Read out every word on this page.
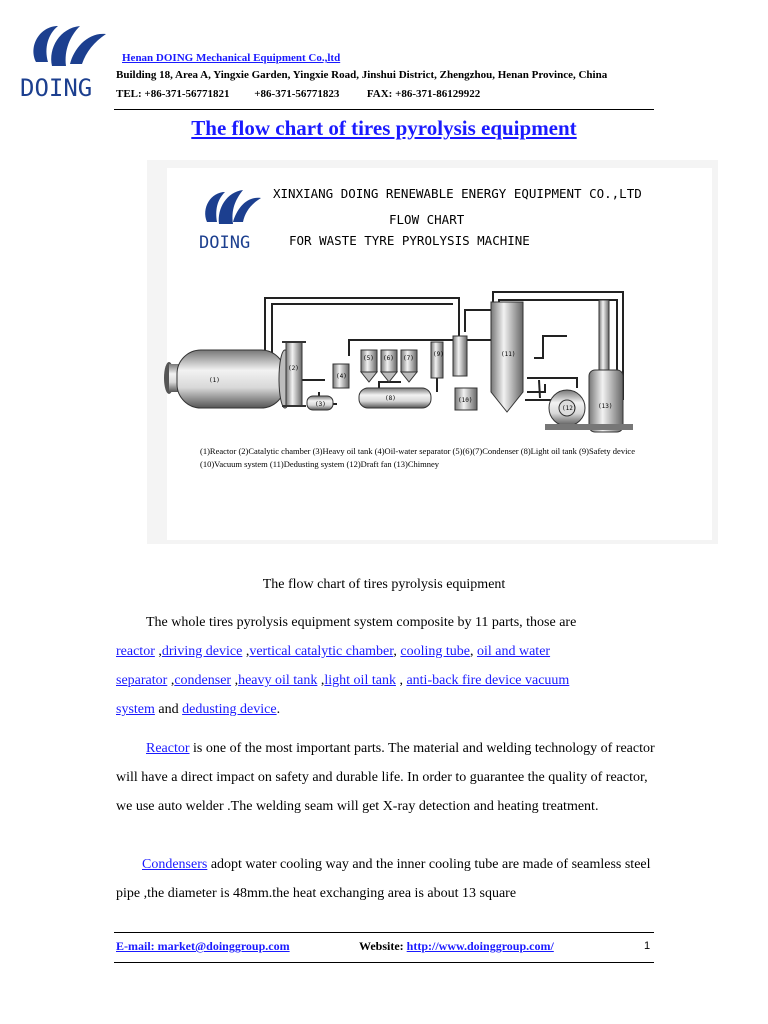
DOING
Henan DOING Mechanical Equipment Co.,ltd
Building 18, Area A, Yingxie Garden, Yingxie Road, Jinshui District, Zhengzhou, Henan Province, China
TEL: +86-371-56771821 +86-371-56771823	FAX: +86-371-86129922
The flow chart of tires pyrolysis equipment
DOING
XINXIANG DOING RENEWABLE ENERGY EQUIPMENT CO.,LTD
FLOW CHART
FOR WASTE TYRE PYROLYSIS MACHINE
(1)
(2)
(3)
(4)
(5) (6) (7)
(8)
(9)
(10)
(11)
(12)	(13)
(1)Reactor (2)Catalytic chamber (3)Heavy oil tank (4)Oil-water separator (5)(6)(7)Condenser (8)Light oil tank (9)Safety device
(10)Vacuum system (11)Dedusting system (12)Draft fan (13)Chimney
The flow chart of tires pyrolysis equipment
The whole tires pyrolysis equipment system composite by 11 parts, those are
reactor ,driving device ,vertical catalytic chamber, cooling tube, oil and water
separator ,condenser ,heavy oil tank ,light oil tank , anti-back fire device vacuum
system and dedusting device.
Reactor is one of the most important parts. The material and welding technology of reactor will have a direct impact on safety and durable life. In order to guarantee the quality of reactor, we use auto welder .The welding seam will get X-ray detection and heating treatment.
Condensers adopt water cooling way and the inner cooling tube are made of seamless steel pipe ,the diameter is 48mm.the heat exchanging area is about 13 square
E-mail: market@doinggroup.com	Website: http://www.doinggroup.com/	1
